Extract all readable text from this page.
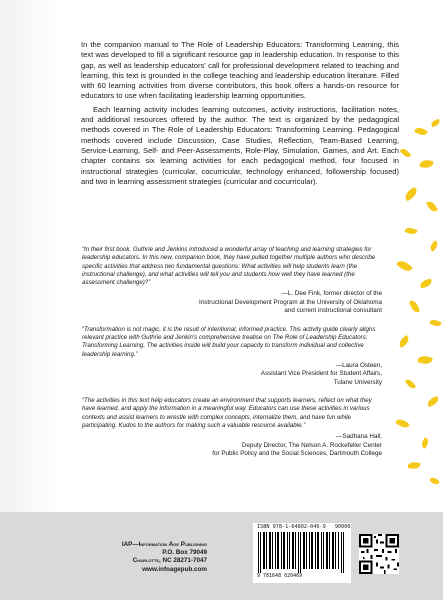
In the companion manual to The Role of Leadership Educators: Transforming Learning, this text was developed to fill a significant resource gap in leadership education. In response to this gap, as well as leadership educators' call for professional development related to teaching and learning, this text is grounded in the college teaching and leadership education literature. Filled with 60 learning activities from diverse contributors, this book offers a hands-on resource for educators to use when facilitating leadership learning opportunities.

Each learning activity includes learning outcomes, activity instructions, facilitation notes, and additional resources offered by the author. The text is organized by the pedagogical methods covered in The Role of Leadership Educators: Transforming Learning. Pedagogical methods covered include Discussion, Case Studies, Reflection, Team-Based Learning, Service-Learning, Self- and Peer-Assessments, Role-Play, Simulation, Games, and Art. Each chapter contains six learning activities for each pedagogical method, four focused in instructional strategies (curricular, cocurricular, technology enhanced, followership focused) and two in learning assessment strategies (curricular and cocurricular).

“In their first book, Guthrie and Jenkins introduced a wonderful array of teaching and learning strategies for leadership educators. In this new, companion book, they have pulled together multiple authors who describe specific activities that address two fundamental questions: What activities will help students learn (the instructional challenge), and what activities will tell you and students how well they have learned (the assessment challenge)?”

—L. Dee Fink, former director of the
Instructional Development Program at the University of Oklahoma
and current instructional consultant

“Transformation is not magic, it is the result of intentional, informed practice. This activity guide clearly aligns relevant practice with Guthrie and Jenkin's comprehensive treatise on The Role of Leadership Educators: Transforming Learning. The activities inside will build your capacity to transform individual and collective leadership learning.”

—Laura Osteen,
Assistant Vice President for Student Affairs,
Tulane University

“The activities in this text help educators create an environment that supports learners, reflect on what they have learned, and apply the information in a meaningful way. Educators can use these activities in various contexts and assist learners to wrestle with complex concepts, internalize them, and have fun while participating. Kudos to the authors for making such a valuable resource available.”

—Sadhana Hall,
Deputy Director, The Nelson A. Rockefeller Center
for Public Policy and the Social Sciences, Dartmouth College

IAP—Information Age Publishing
P.O. Box 79049
Charlotte, NC 28271-7047
www.infoagepub.com
ISBN 978-1-64802-046-9 90000
9 781648 020469
